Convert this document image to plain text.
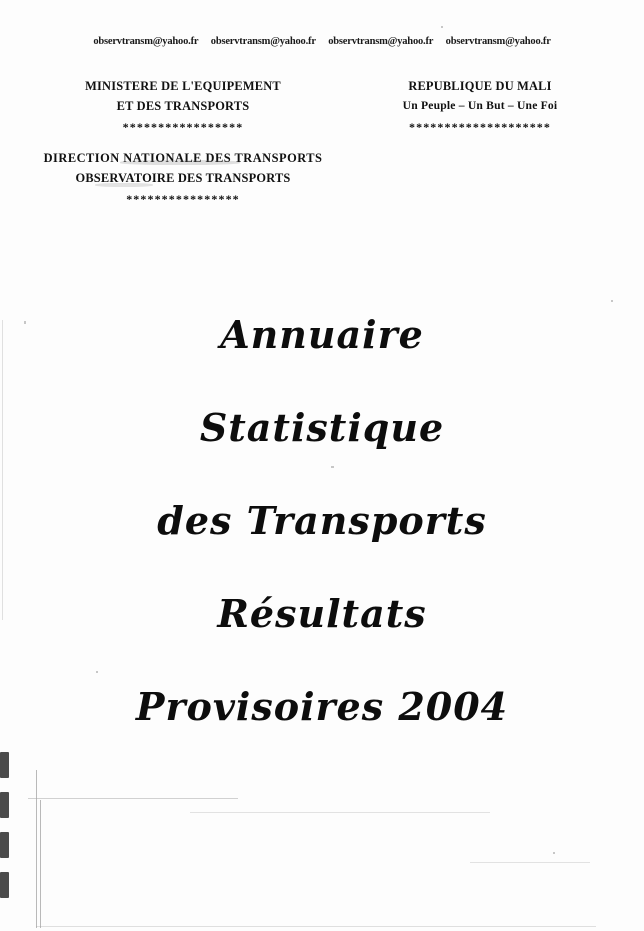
observtransm@yahoo.fr observtransm@yahoo.fr observtransm@yahoo.fr observtransm@yahoo.fr
MINISTERE DE L'EQUIPEMENT
ET DES TRANSPORTS
*****************
DIRECTION NATIONALE DES TRANSPORTS
OBSERVATOIRE DES TRANSPORTS
****************
REPUBLIQUE DU MALI
Un Peuple – Un But – Une Foi
********************
Annuaire
Statistique
des Transports
Résultats
Provisoires 2004
